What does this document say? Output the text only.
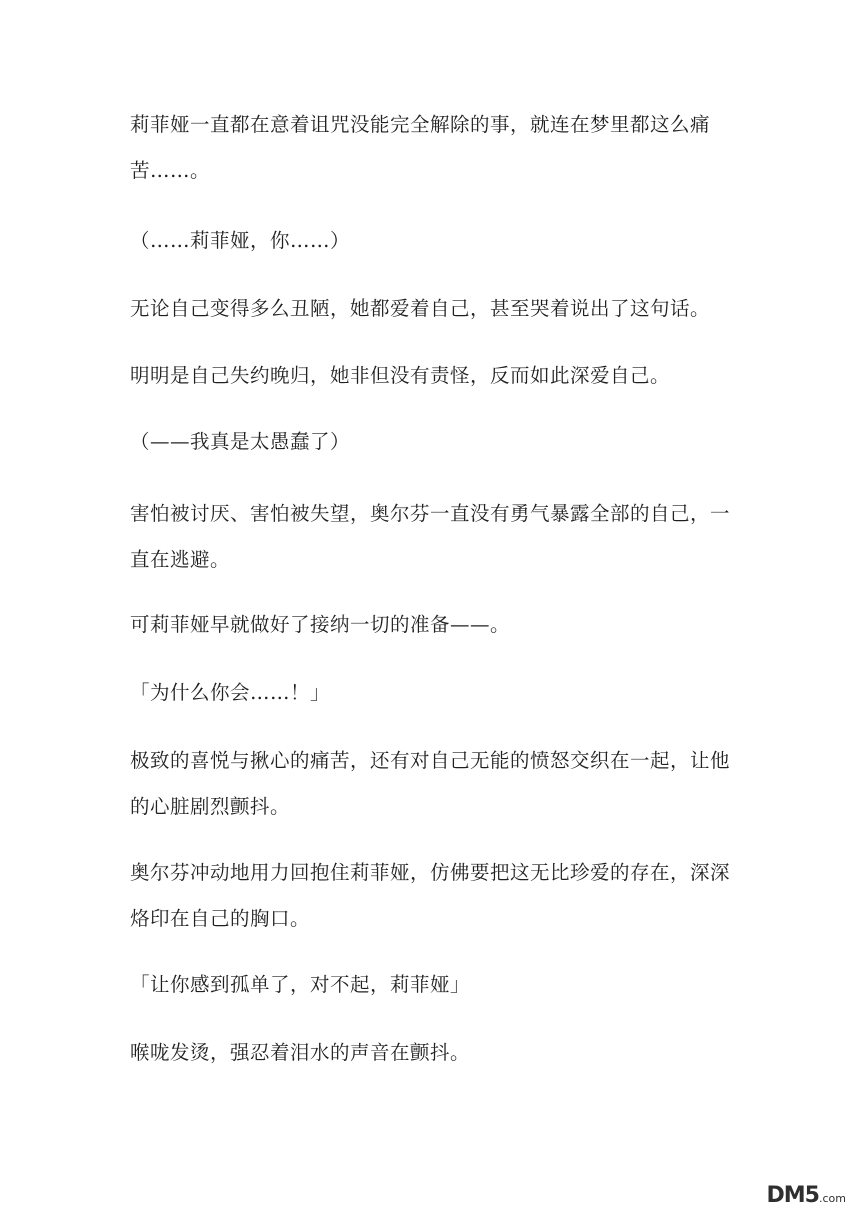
莉菲娅一直都在意着诅咒没能完全解除的事，就连在梦里都这么痛苦……。
（……莉菲娅，你……）
无论自己变得多么丑陋，她都爱着自己，甚至哭着说出了这句话。
明明是自己失约晚归，她非但没有责怪，反而如此深爱自己。
（——我真是太愚蠢了）
害怕被讨厌、害怕被失望，奥尔芬一直没有勇气暴露全部的自己，一直在逃避。
可莉菲娅早就做好了接纳一切的准备——。
「为什么你会……！」
极致的喜悦与揪心的痛苦，还有对自己无能的愤怒交织在一起，让他的心脏剧烈颤抖。
奥尔芬冲动地用力回抱住莉菲娅，仿佛要把这无比珍爱的存在，深深烙印在自己的胸口。
「让你感到孤单了，对不起，莉菲娅」
喉咙发烫，强忍着泪水的声音在颤抖。
DM5.com
